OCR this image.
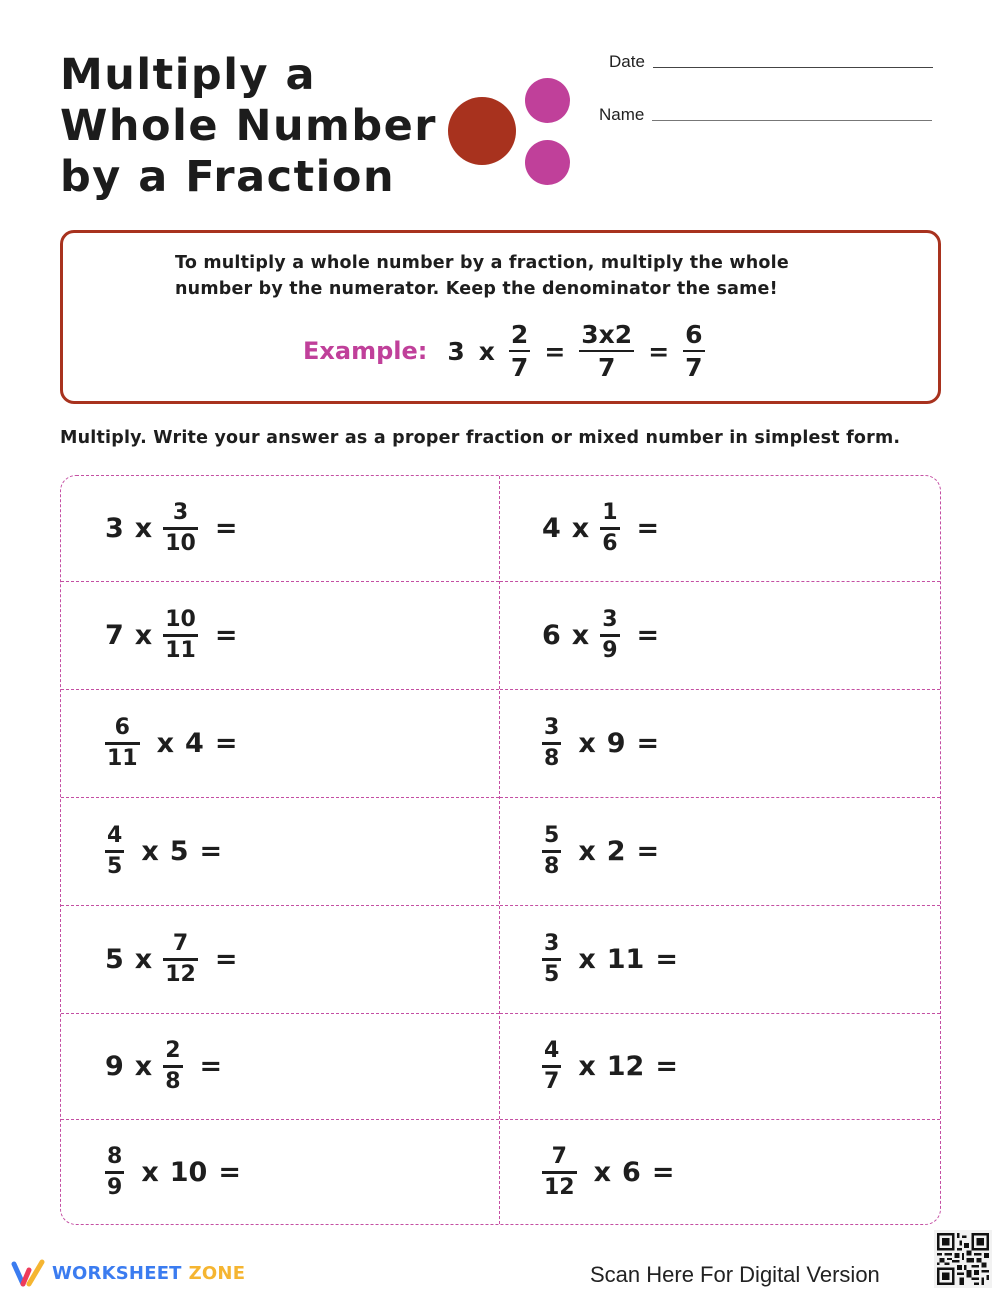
Multiply a
Whole Number
by a Fraction
Date
Name
To multiply a whole number by a fraction, multiply the whole number by the numerator. Keep the denominator the same!
Example: 3 x $\frac{2}{7} = \frac{3x2}{7} = \frac{6}{7}$
Multiply. Write your answer as a proper fraction or mixed number in simplest form.
3 x $\frac{3}{10}$ =
7 x $\frac{10}{11}$ =
$\frac{6}{11}$ x 4 =
$\frac{4}{5}$ x 5 =
5 x $\frac{7}{12}$ =
9 x $\frac{2}{8}$ =
$\frac{8}{9}$ x 10 =
4 x $\frac{1}{6}$ =
6 x $\frac{3}{9}$ =
$\frac{3}{8}$ x 9 =
$\frac{5}{8}$ x 2 =
$\frac{3}{5}$ x 11 =
$\frac{4}{7}$ x 12 =
$\frac{7}{12}$ x 6 =
WORKSHEET ZONE	Scan Here For Digital Version
